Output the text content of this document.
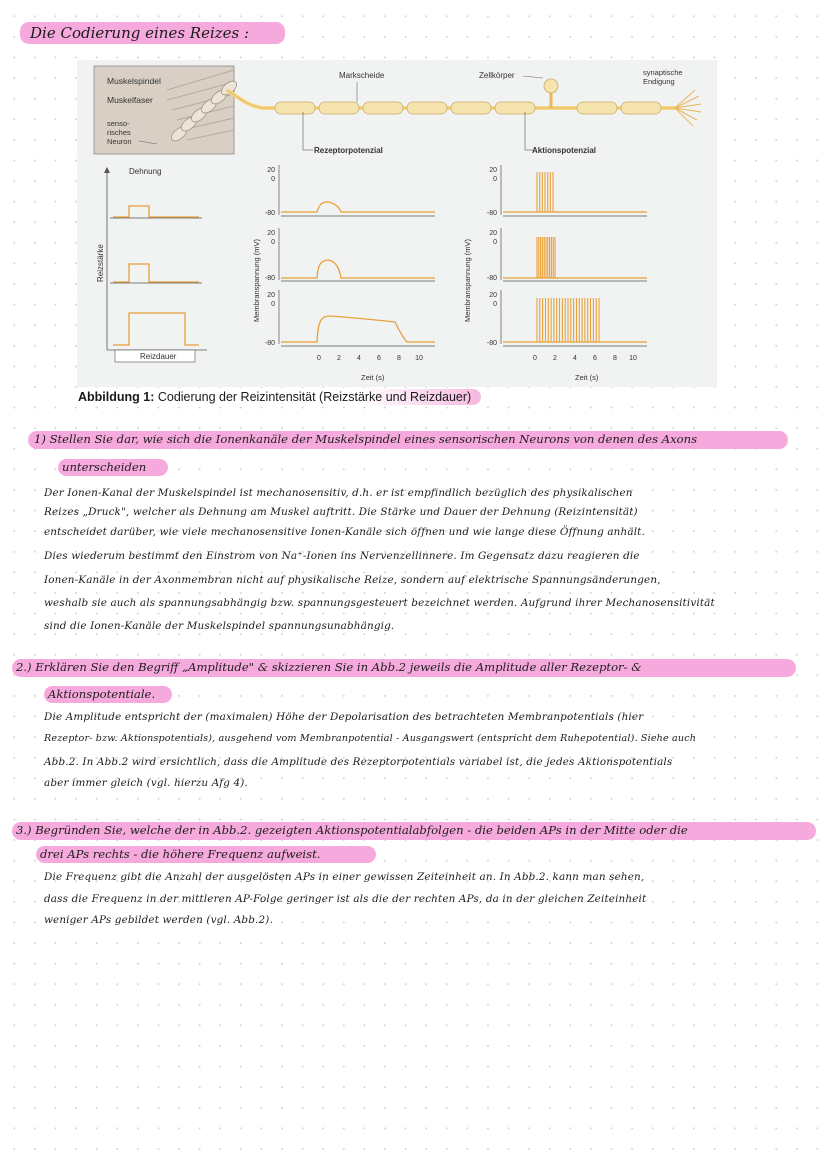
Die Codierung eines Reizes :
Muskelspindel
Muskelfaser
senso-
risches
Neuron
Markscheide	Zellkörper	synaptische
Endigung
Rezeptorpotenzial	Aktionspotenzial
Reizstärke
Dehnung
Reizdauer
Membranspannung (mV)
20
0
-80
20
0
-80
20
0
-80
0 2 4 6 8 10
Zeit (s)
Membranspannung (mV)
20
0
-80
20
0
-80
20
0
-80
0 2 4 6 8 10
Zeit (s)
Abbildung 1: Codierung der Reizintensität (Reizstärke und Reizdauer)
1) Stellen Sie dar, wie sich die Ionenkanäle der Muskelspindel eines sensorischen Neurons von denen des Axons
unterscheiden
Der Ionen-Kanal der Muskelspindel ist mechanosensitiv, d.h. er ist empfindlich bezüglich des physikalischen
Reizes „Druck", welcher als Dehnung am Muskel auftritt. Die Stärke und Dauer der Dehnung (Reizintensität)
entscheidet darüber, wie viele mechanosensitive Ionen-Kanäle sich öffnen und wie lange diese Öffnung anhält.
Dies wiederum bestimmt den Einstrom von Na⁺-Ionen ins Nervenzellinnere. Im Gegensatz dazu reagieren die
Ionen-Kanäle in der Axonmembran nicht auf physikalische Reize, sondern auf elektrische Spannungsänderungen,
weshalb sie auch als spannungsabhängig bzw. spannungsgesteuert bezeichnet werden. Aufgrund ihrer Mechanosensitivität
sind die Ionen-Kanäle der Muskelspindel spannungsunabhängig.
2.) Erklären Sie den Begriff „Amplitude" & skizzieren Sie in Abb.2 jeweils die Amplitude aller Rezeptor- &
Aktionspotentiale.
Die Amplitude entspricht der (maximalen) Höhe der Depolarisation des betrachteten Membranpotentials (hier
Rezeptor- bzw. Aktionspotentials), ausgehend vom Membranpotential - Ausgangswert (entspricht dem Ruhepotential). Siehe auch
Abb.2. In Abb.2 wird ersichtlich, dass die Amplitude des Rezeptorpotentials variabel ist, die jedes Aktionspotentials
aber immer gleich (vgl. hierzu Afg 4).
3.) Begründen Sie, welche der in Abb.2. gezeigten Aktionspotentialabfolgen - die beiden APs in der Mitte oder die
drei APs rechts - die höhere Frequenz aufweist.
Die Frequenz gibt die Anzahl der ausgelösten APs in einer gewissen Zeiteinheit an. In Abb.2. kann man sehen,
dass die Frequenz in der mittleren AP-Folge geringer ist als die der rechten APs, da in der gleichen Zeiteinheit
weniger APs gebildet werden (vgl. Abb.2).
